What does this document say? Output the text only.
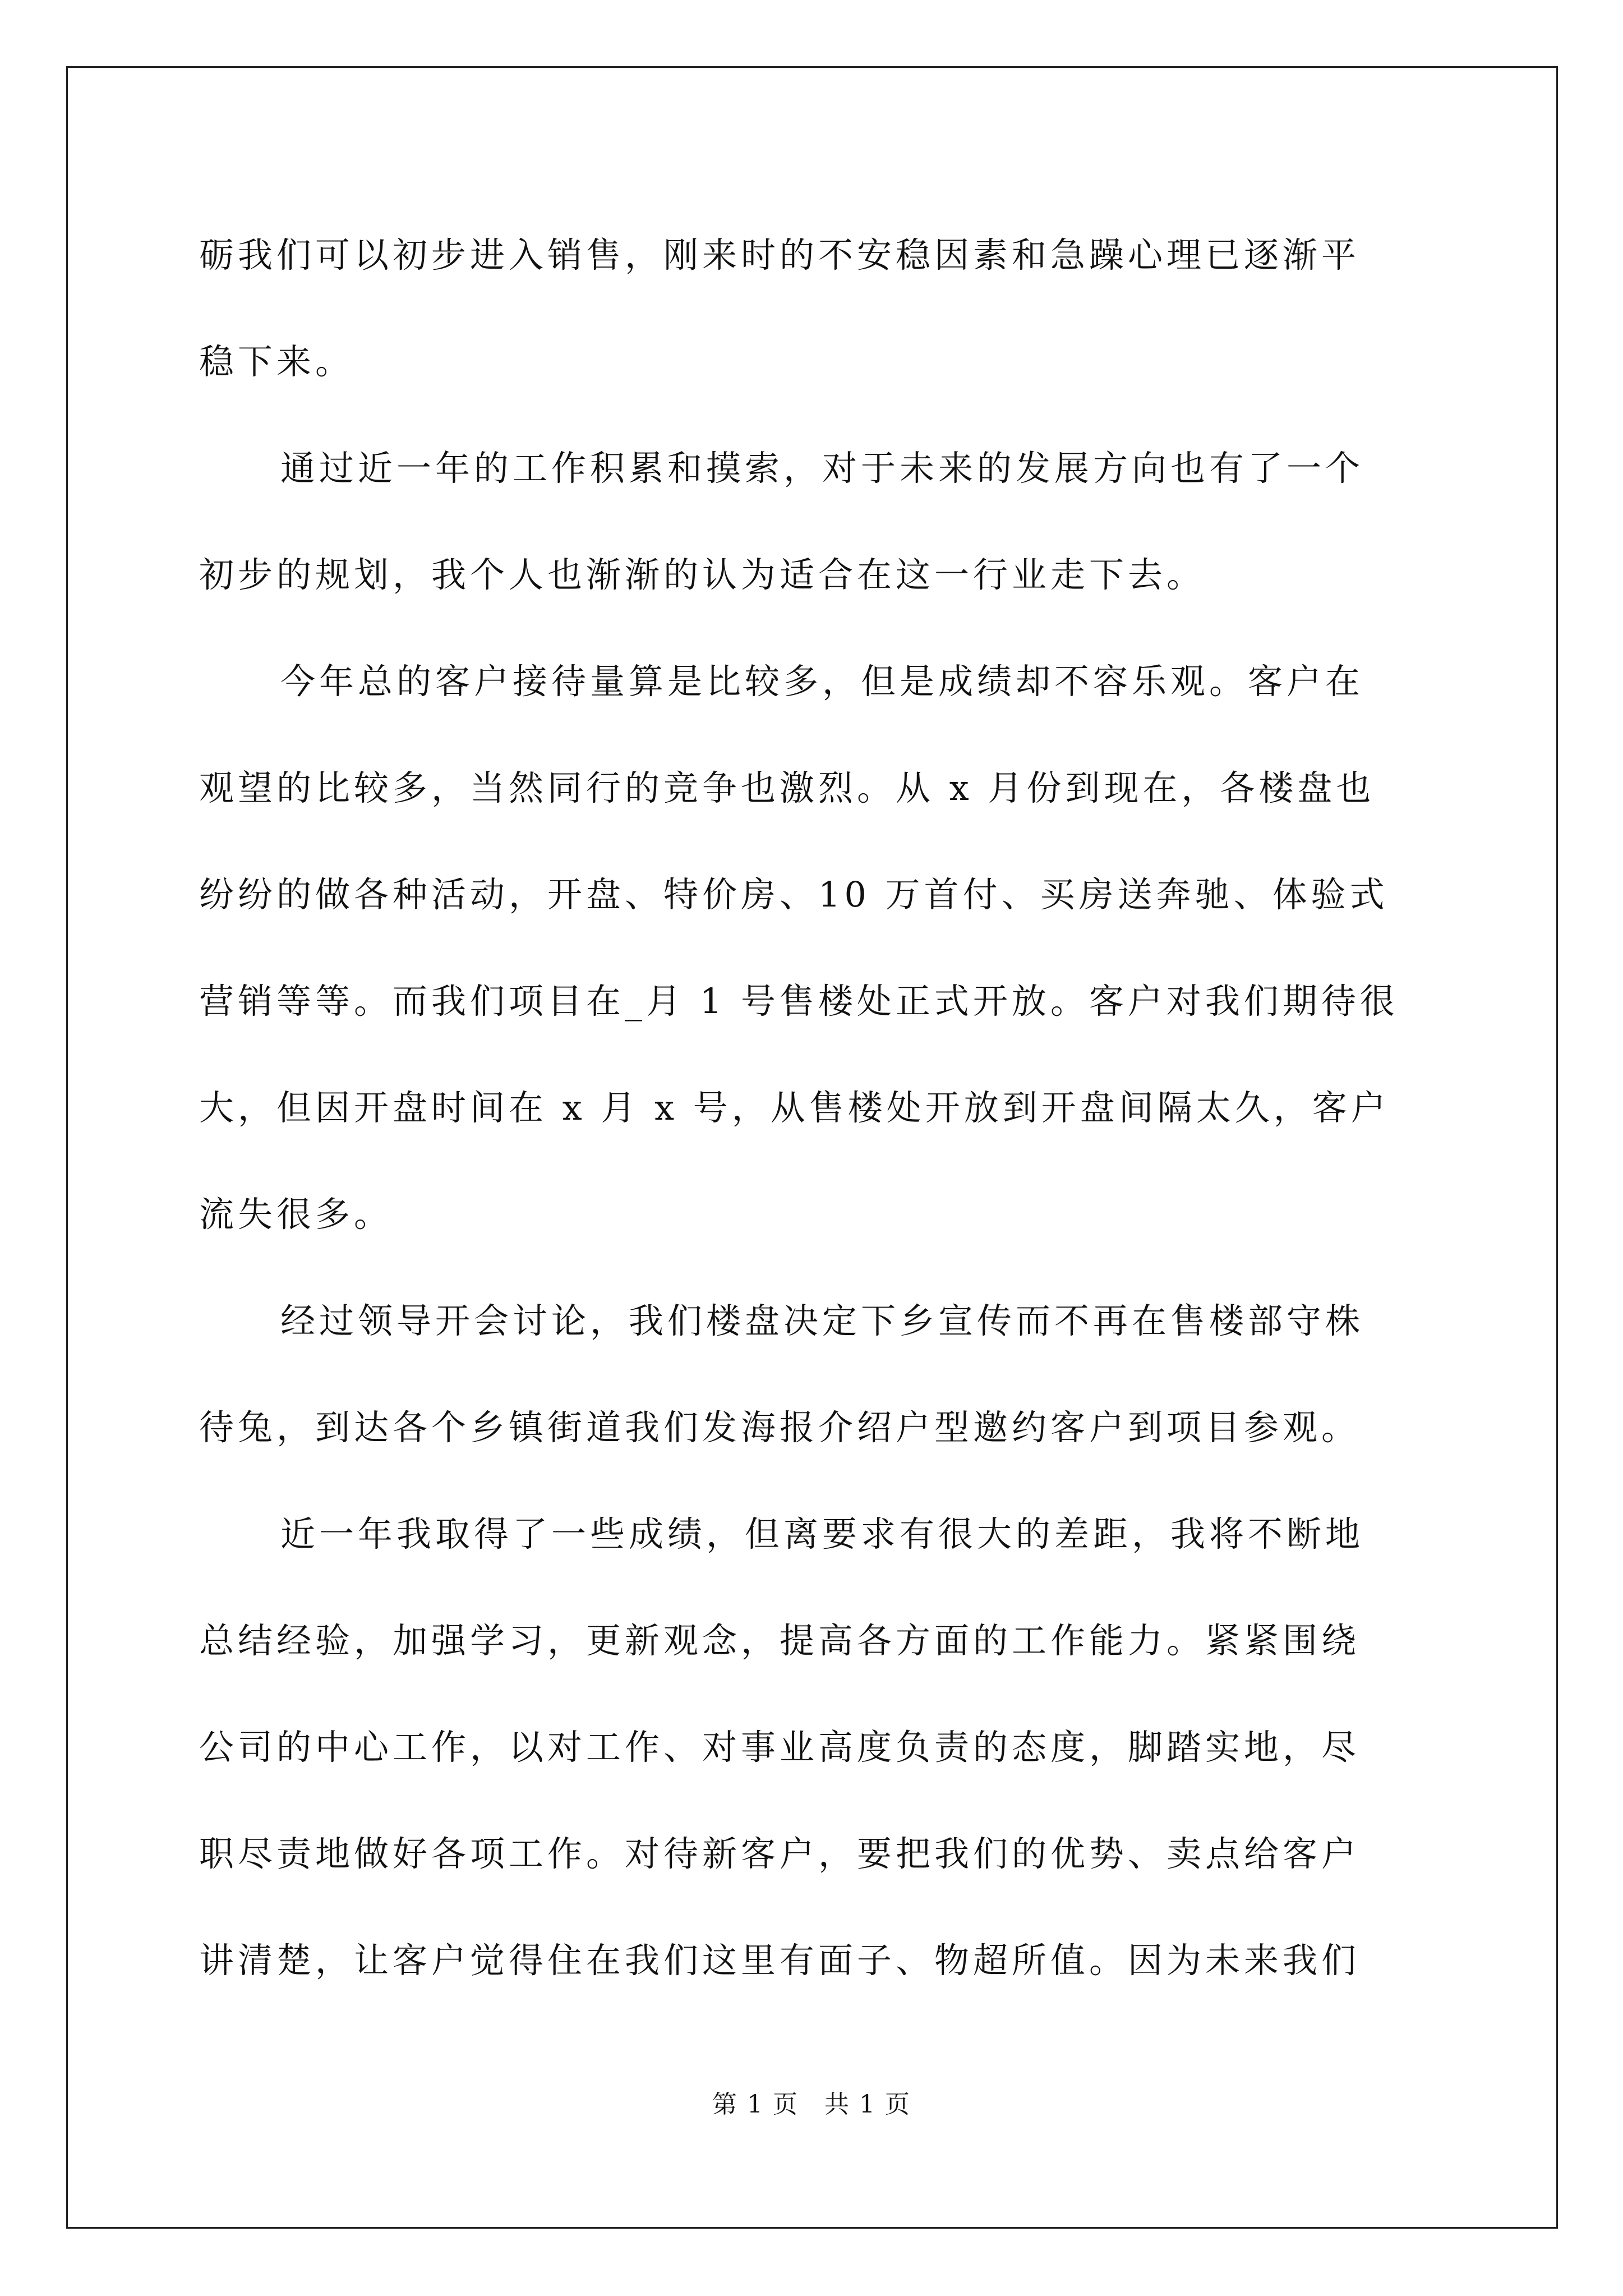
砺我们可以初步进入销售，刚来时的不安稳因素和急躁心理已逐渐平
稳下来。
通过近一年的工作积累和摸索，对于未来的发展方向也有了一个
初步的规划，我个人也渐渐的认为适合在这一行业走下去。
今年总的客户接待量算是比较多，但是成绩却不容乐观。客户在
观望的比较多，当然同行的竞争也激烈。从 x 月份到现在，各楼盘也
纷纷的做各种活动，开盘、特价房、10 万首付、买房送奔驰、体验式
营销等等。而我们项目在_月 1 号售楼处正式开放。客户对我们期待很
大，但因开盘时间在 x 月 x 号，从售楼处开放到开盘间隔太久，客户
流失很多。
经过领导开会讨论，我们楼盘决定下乡宣传而不再在售楼部守株
待兔，到达各个乡镇街道我们发海报介绍户型邀约客户到项目参观。
近一年我取得了一些成绩，但离要求有很大的差距，我将不断地
总结经验，加强学习，更新观念，提高各方面的工作能力。紧紧围绕
公司的中心工作，以对工作、对事业高度负责的态度，脚踏实地，尽
职尽责地做好各项工作。对待新客户，要把我们的优势、卖点给客户
讲清楚，让客户觉得住在我们这里有面子、物超所值。因为未来我们
第 1 页　共 1 页
